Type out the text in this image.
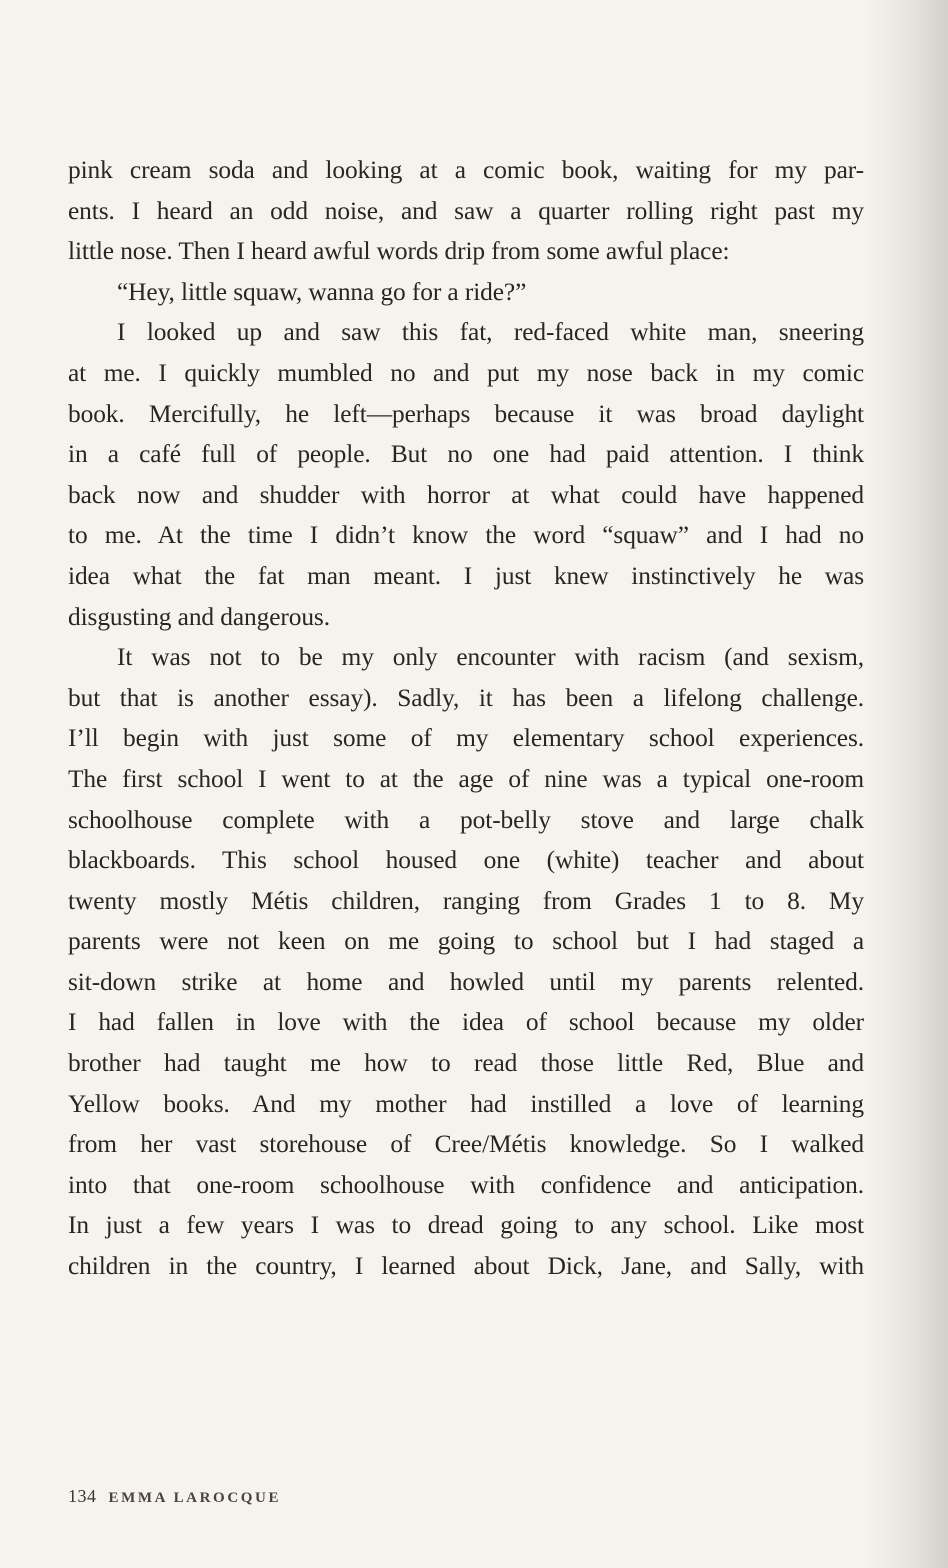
pink cream soda and looking at a comic book, waiting for my par-
ents. I heard an odd noise, and saw a quarter rolling right past my
little nose. Then I heard awful words drip from some awful place:
“Hey, little squaw, wanna go for a ride?”
I looked up and saw this fat, red-faced white man, sneering
at me. I quickly mumbled no and put my nose back in my comic
book. Mercifully, he left—perhaps because it was broad daylight
in a café full of people. But no one had paid attention. I think
back now and shudder with horror at what could have happened
to me. At the time I didn’t know the word “squaw” and I had no
idea what the fat man meant. I just knew instinctively he was
disgusting and dangerous.
It was not to be my only encounter with racism (and sexism,
but that is another essay). Sadly, it has been a lifelong challenge.
I’ll begin with just some of my elementary school experiences.
The first school I went to at the age of nine was a typical one-room
schoolhouse complete with a pot-belly stove and large chalk
blackboards. This school housed one (white) teacher and about
twenty mostly Métis children, ranging from Grades 1 to 8. My
parents were not keen on me going to school but I had staged a
sit-down strike at home and howled until my parents relented.
I had fallen in love with the idea of school because my older
brother had taught me how to read those little Red, Blue and
Yellow books. And my mother had instilled a love of learning
from her vast storehouse of Cree/Métis knowledge. So I walked
into that one-room schoolhouse with confidence and anticipation.
In just a few years I was to dread going to any school. Like most
children in the country, I learned about Dick, Jane, and Sally, with
134 EMMA LAROCQUE
